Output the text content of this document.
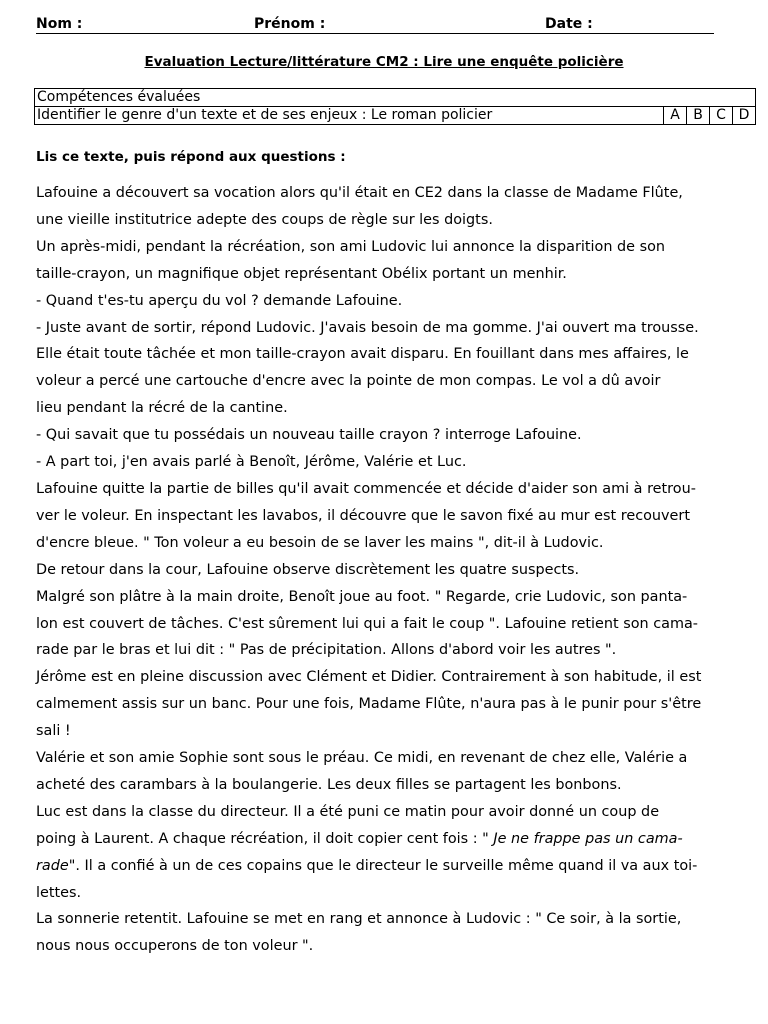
Nom :	Prénom :	Date :
Evaluation Lecture/littérature CM2 : Lire une enquête policière
Compétences évaluées
Identifier le genre d'un texte et de ses enjeux : Le roman policier	A	B	C	D
Lis ce texte, puis répond aux questions :
Lafouine a découvert sa vocation alors qu'il était en CE2 dans la classe de Madame Flûte,
une vieille institutrice adepte des coups de règle sur les doigts.
Un après-midi, pendant la récréation, son ami Ludovic lui annonce la disparition de son
taille-crayon, un magnifique objet représentant Obélix portant un menhir.
- Quand t'es-tu aperçu du vol ? demande Lafouine.
- Juste avant de sortir, répond Ludovic. J'avais besoin de ma gomme. J'ai ouvert ma trousse.
Elle était toute tâchée et mon taille-crayon avait disparu. En fouillant dans mes affaires, le
voleur a percé une cartouche d'encre avec la pointe de mon compas. Le vol a dû avoir
lieu pendant la récré de la cantine.
- Qui savait que tu possédais un nouveau taille crayon ? interroge Lafouine.
- A part toi, j'en avais parlé à Benoît, Jérôme, Valérie et Luc.
Lafouine quitte la partie de billes qu'il avait commencée et décide d'aider son ami à retrou-
ver le voleur. En inspectant les lavabos, il découvre que le savon fixé au mur est recouvert
d'encre bleue. " Ton voleur a eu besoin de se laver les mains ", dit-il à Ludovic.
De retour dans la cour, Lafouine observe discrètement les quatre suspects.
Malgré son plâtre à la main droite, Benoît joue au foot. " Regarde, crie Ludovic, son panta-
lon est couvert de tâches. C'est sûrement lui qui a fait le coup ". Lafouine retient son cama-
rade par le bras et lui dit : " Pas de précipitation. Allons d'abord voir les autres ".
Jérôme est en pleine discussion avec Clément et Didier. Contrairement à son habitude, il est
calmement assis sur un banc. Pour une fois, Madame Flûte, n'aura pas à le punir pour s'être
sali !
Valérie et son amie Sophie sont sous le préau. Ce midi, en revenant de chez elle, Valérie a
acheté des carambars à la boulangerie. Les deux filles se partagent les bonbons.
Luc est dans la classe du directeur. Il a été puni ce matin pour avoir donné un coup de
poing à Laurent. A chaque récréation, il doit copier cent fois : " Je ne frappe pas un cama-
rade". Il a confié à un de ces copains que le directeur le surveille même quand il va aux toi-
lettes.
La sonnerie retentit. Lafouine se met en rang et annonce à Ludovic : " Ce soir, à la sortie,
nous nous occuperons de ton voleur ".
